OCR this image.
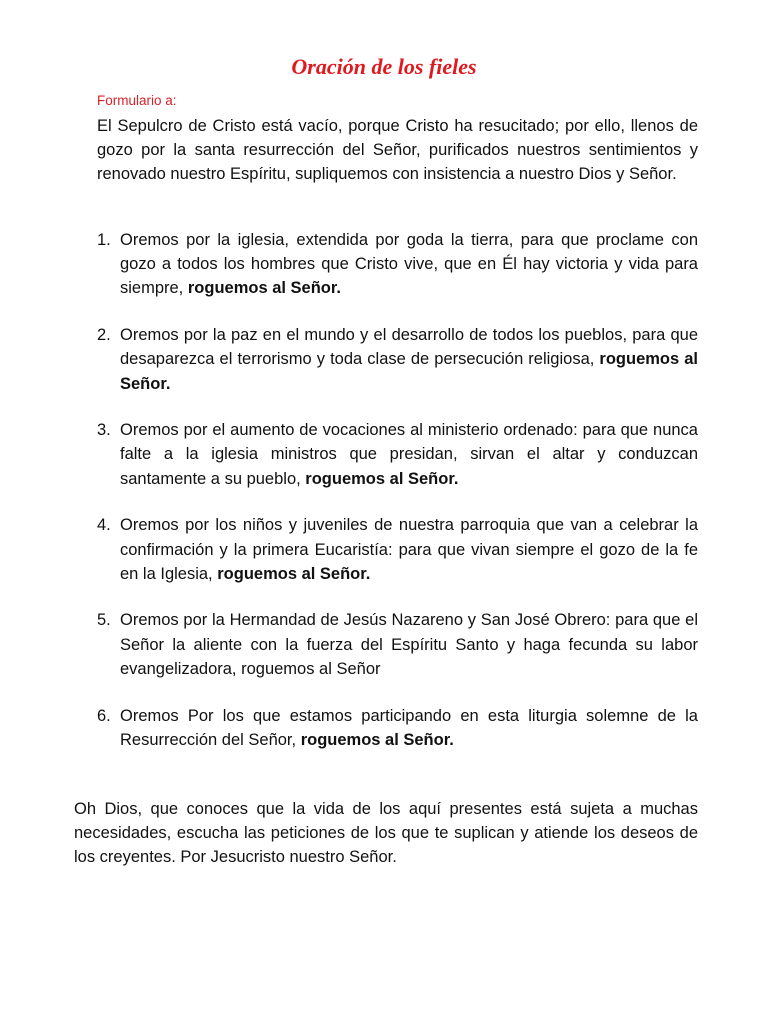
Oración de los fieles

Formulario a:

El Sepulcro de Cristo está vacío, porque Cristo ha resucitado; por ello, llenos de gozo por la santa resurrección del Señor, purificados nuestros sentimientos y renovado nuestro Espíritu, supliquemos con insistencia a nuestro Dios y Señor.

1. Oremos por la iglesia, extendida por goda la tierra, para que proclame con gozo a todos los hombres que Cristo vive, que en Él hay victoria y vida para siempre, roguemos al Señor.
2. Oremos por la paz en el mundo y el desarrollo de todos los pueblos, para que desaparezca el terrorismo y toda clase de persecución religiosa, roguemos al Señor.
3. Oremos por el aumento de vocaciones al ministerio ordenado: para que nunca falte a la iglesia ministros que presidan, sirvan el altar y conduzcan santamente a su pueblo, roguemos al Señor.
4. Oremos por los niños y juveniles de nuestra parroquia que van a celebrar la confirmación y la primera Eucaristía: para que vivan siempre el gozo de la fe en la Iglesia, roguemos al Señor.
5. Oremos por la Hermandad de Jesús Nazareno y San José Obrero: para que el Señor la aliente con la fuerza del Espíritu Santo y haga fecunda su labor evangelizadora, roguemos al Señor
6. Oremos Por los que estamos participando en esta liturgia solemne de la Resurrección del Señor, roguemos al Señor.

Oh Dios, que conoces que la vida de los aquí presentes está sujeta a muchas necesidades, escucha las peticiones de los que te suplican y atiende los deseos de los creyentes. Por Jesucristo nuestro Señor.
